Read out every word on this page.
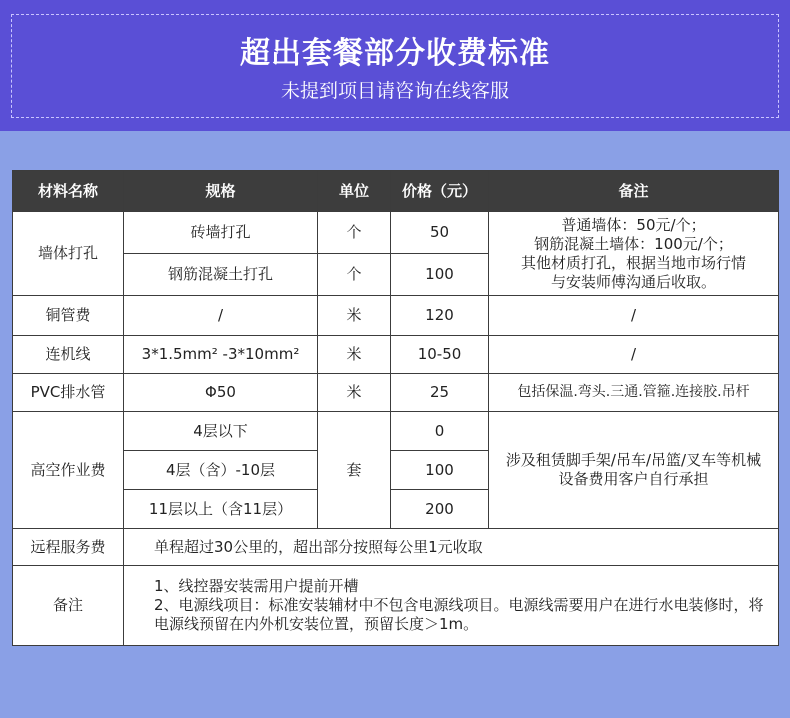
超出套餐部分收费标准
未提到项目请咨询在线客服
材料名称	规格	单位	价格（元）	备注
墙体打孔	砖墙打孔	个	50	普通墙体：50元/个；
钢筋混凝土墙体：100元/个；
其他材质打孔，根据当地市场行情
与安装师傅沟通后收取。

	钢筋混凝土打孔	个	100	
铜管费	/	米	120	/
连机线	3*1.5mm² -3*10mm²	米	10-50	/
PVC排水管	Φ50	米	25	包括保温.弯头.三通.管箍.连接胶.吊杆
高空作业费	4层以下	套	0	涉及租赁脚手架/吊车/吊篮/叉车等机械
设备费用客户自行承担

	4层（含）-10层		100	
	11层以上（含11层）		200	
远程服务费	单程超过30公里的，超出部分按照每公里1元收取			
备注	1、线控器安装需用户提前开槽
2、电源线项目：标准安装辅材中不包含电源线项目。电源线需要用户在进行水电装修时，将电源线预留在内外机安装位置，预留长度＞1m。			
